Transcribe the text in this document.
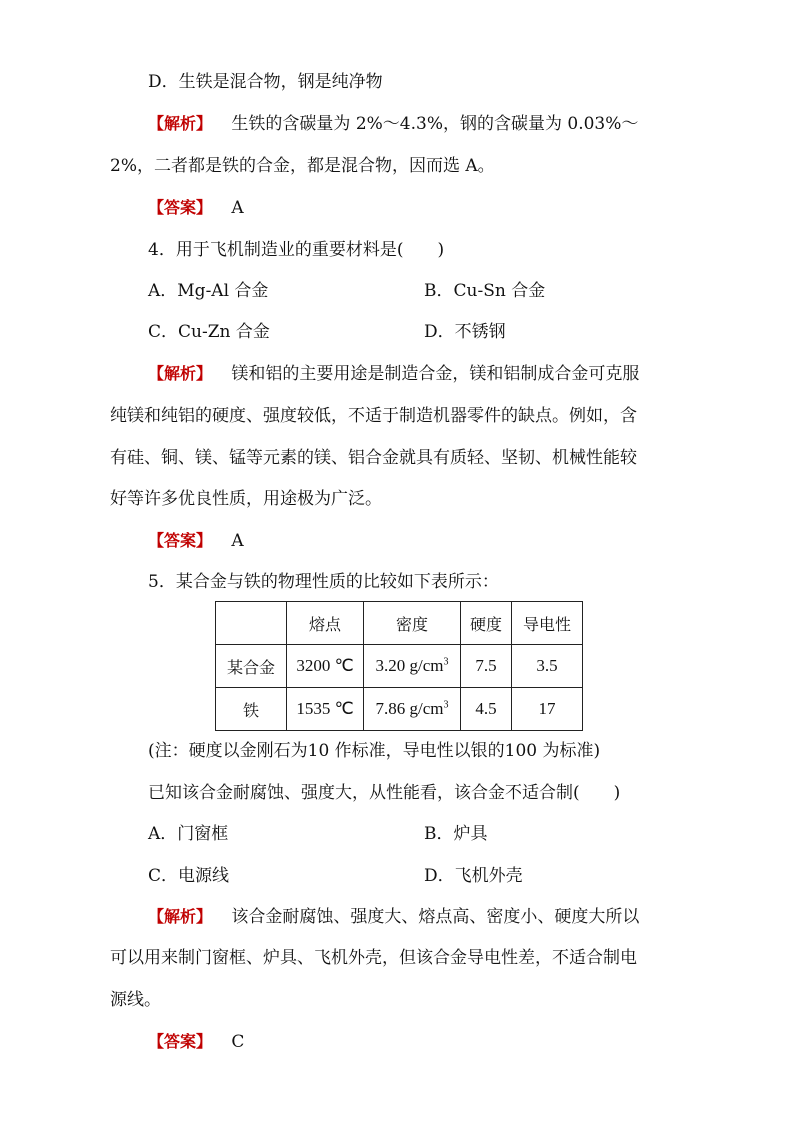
D．生铁是混合物，钢是纯净物
【解析】 生铁的含碳量为 2%～4.3%，钢的含碳量为 0.03%～
2%，二者都是铁的合金，都是混合物，因而选 A。
【答案】 A
4．用于飞机制造业的重要材料是(　　)
A．Mg-Al 合金	B．Cu-Sn 合金
C．Cu-Zn 合金	D．不锈钢
【解析】 镁和铝的主要用途是制造合金，镁和铝制成合金可克服
纯镁和纯铝的硬度、强度较低，不适于制造机器零件的缺点。例如，含
有硅、铜、镁、锰等元素的镁、铝合金就具有质轻、坚韧、机械性能较
好等许多优良性质，用途极为广泛。
【答案】 A
5．某合金与铁的物理性质的比较如下表所示：
	熔点	密度	硬度	导电性
某合金	3200 ℃	3.20 $g/cm^3$	7.5	3.5
铁	1535 ℃	7.86 $g/cm^3$	4.5	17
(注：硬度以金刚石为10 作标准，导电性以银的100 为标准)
已知该合金耐腐蚀、强度大，从性能看，该合金不适合制(　　)
A．门窗框	B．炉具
C．电源线	D．飞机外壳
【解析】 该合金耐腐蚀、强度大、熔点高、密度小、硬度大所以
可以用来制门窗框、炉具、飞机外壳，但该合金导电性差，不适合制电
源线。
【答案】 C
